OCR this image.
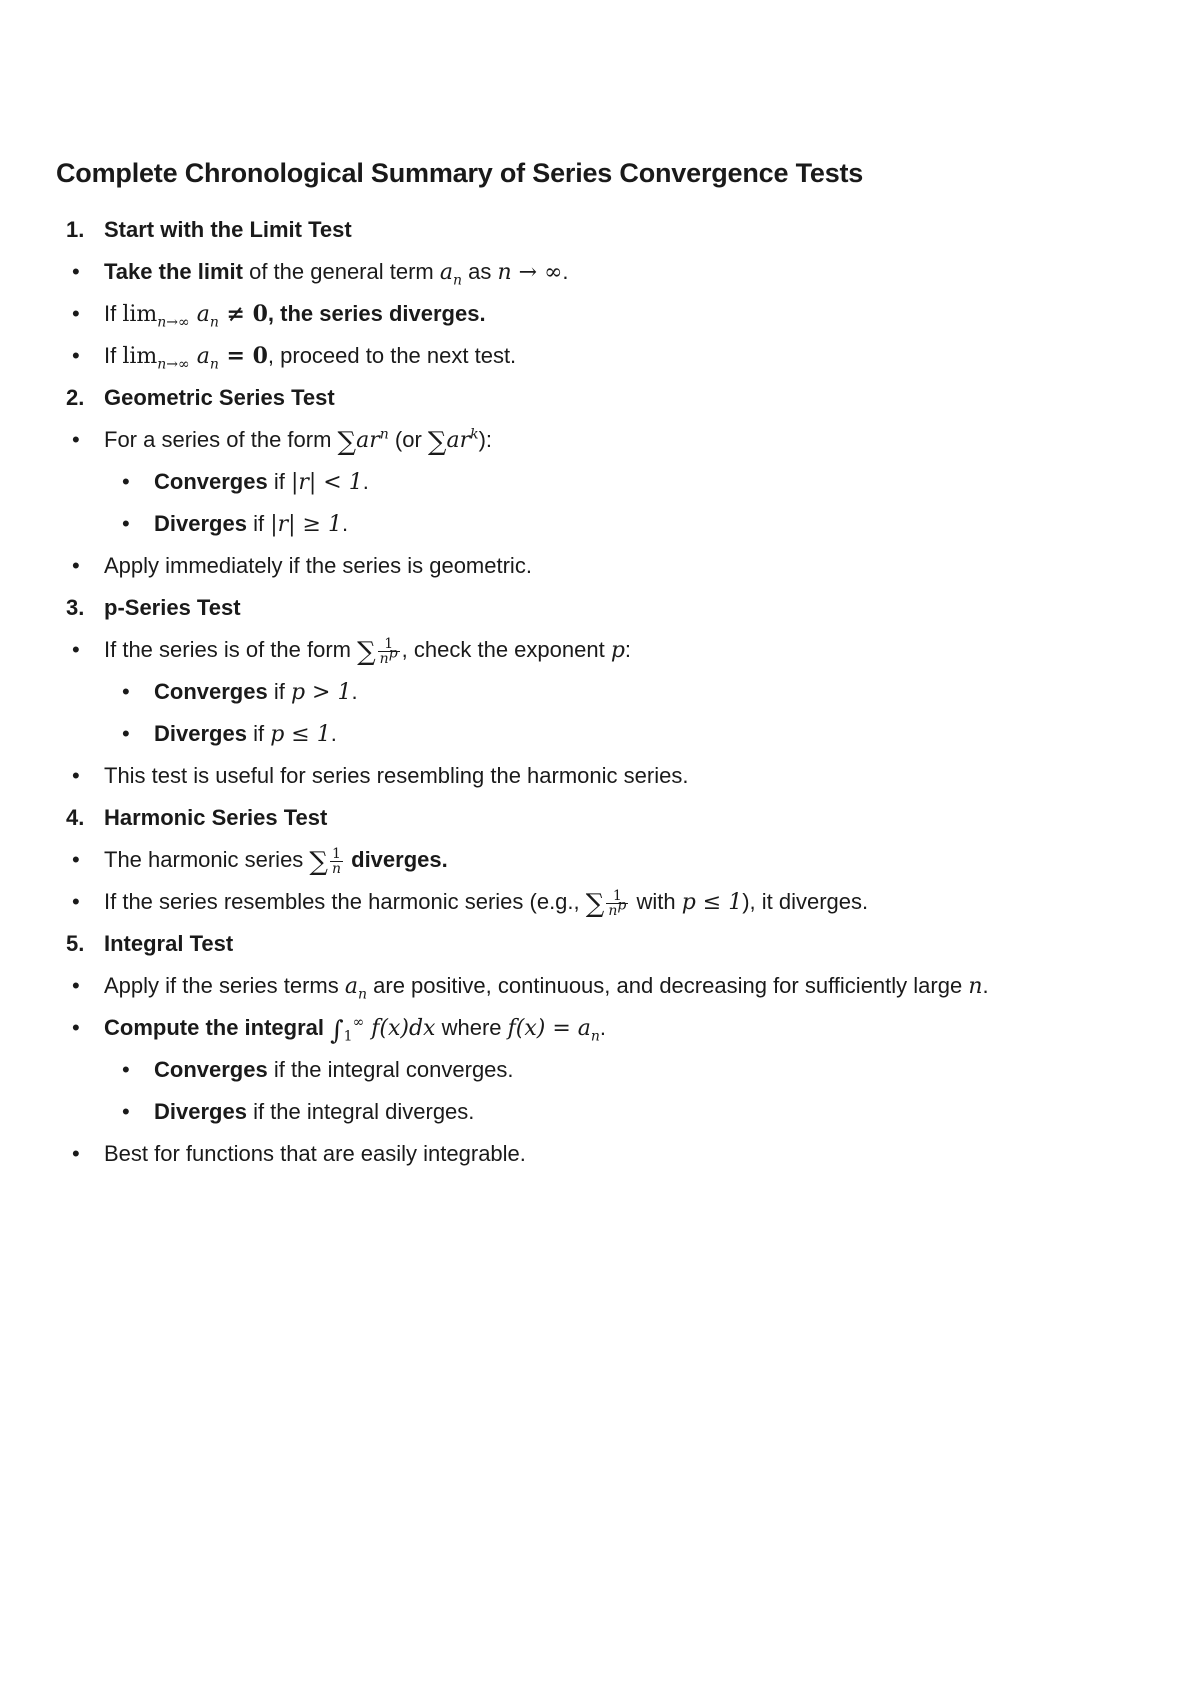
Complete Chronological Summary of Series Convergence Tests
1. Start with the Limit Test
• Take the limit of the general term $a_n$ as n → ∞.
• If $\lim_{n\to\infty} a_n \ne 0$, the series diverges.
• If $\lim_{n\to\infty} a_n = 0$, proceed to the next test.
2. Geometric Series Test
• For a series of the form $\sum ar^n$ (or $\sum ar^k$):
• Converges if |r| < 1.
• Diverges if |r| ≥ 1.
• Apply immediately if the series is geometric.
3. p-Series Test
• If the series is of the form ∑ $\frac{1}{n^p}$ , check the exponent p:
• Converges if p > 1.
• Diverges if p ≤ 1.
• This test is useful for series resembling the harmonic series.
4. Harmonic Series Test
• The harmonic series ∑ $\frac{1}{n}$ diverges.
• If the series resembles the harmonic series (e.g., ∑ $\frac{1}{n^p}$ with p ≤ 1), it diverges.
5. Integral Test
• Apply if the series terms $a_n$ are positive, continuous, and decreasing for sufficiently large n.
• Compute the integral $\int_1^\infty$ f(x)dx where $f(x) = a_n$.
• Converges if the integral converges.
• Diverges if the integral diverges.
• Best for functions that are easily integrable.
